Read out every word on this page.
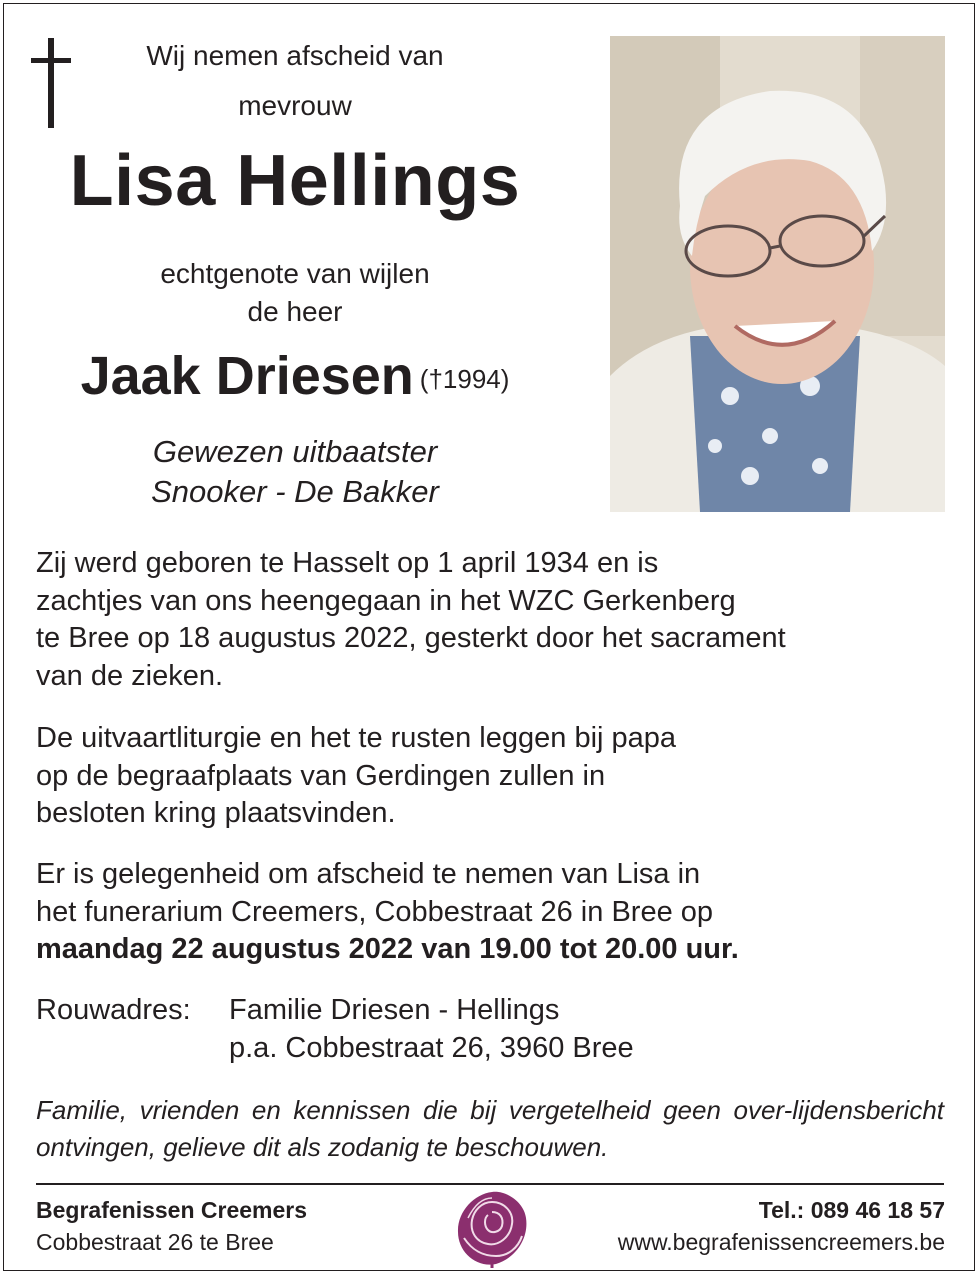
Wij nemen afscheid van
mevrouw
Lisa Hellings
echtgenote van wijlen
de heer
Jaak Driesen (†1994)
Gewezen uitbaatster
Snooker - De Bakker
Zij werd geboren te Hasselt op 1 april 1934 en is
zachtjes van ons heengegaan in het WZC Gerkenberg
te Bree op 18 augustus 2022, gesterkt door het sacrament
van de zieken.
De uitvaartliturgie en het te rusten leggen bij papa
op de begraafplaats van Gerdingen zullen in
besloten kring plaatsvinden.
Er is gelegenheid om afscheid te nemen van Lisa in
het funerarium Creemers, Cobbestraat 26 in Bree op
maandag 22 augustus 2022 van 19.00 tot 20.00 uur.
Rouwadres: Familie Driesen - Hellings
p.a. Cobbestraat 26, 3960 Bree

Familie, vrienden en kennissen die bij vergetelheid geen over-lijdensbericht ontvingen, gelieve dit als zodanig te beschouwen.

Begrafenissen Creemers
Cobbestraat 26 te Bree
Tel.: 089 46 18 57
www.begrafenissencreemers.be
